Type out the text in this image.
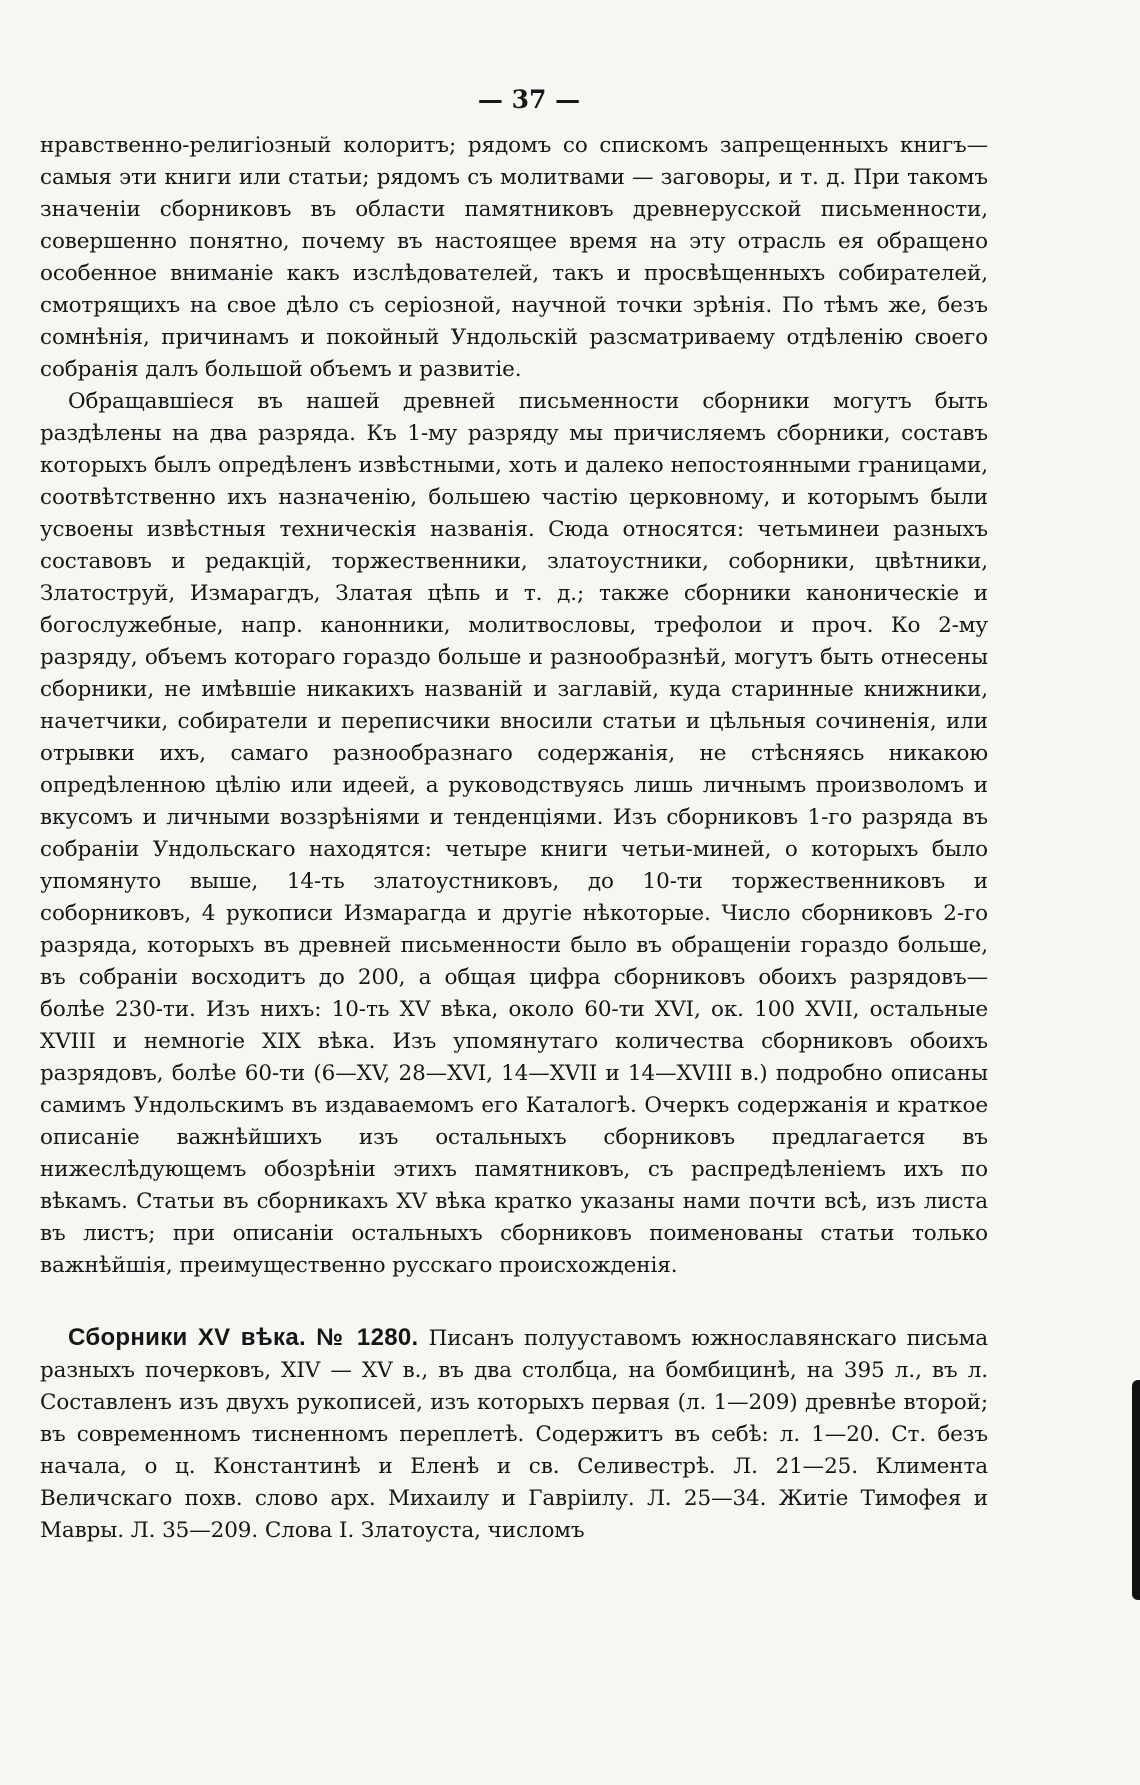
— 37 —

нравственно-религіозный колоритъ; рядомъ со спискомъ запрещенныхъ книгъ—самыя эти книги или статьи; рядомъ съ молитвами — заговоры, и т. д. При такомъ значеніи сборниковъ въ области памятниковъ древнерусской письменности, совершенно понятно, почему въ настоящее время на эту отрасль ея обращено особенное вниманіе какъ изслѣдователей, такъ и просвѣщенныхъ собирателей, смотрящихъ на свое дѣло съ серіозной, научной точки зрѣнія. По тѣмъ же, безъ сомнѣнія, причинамъ и покойный Ундольскій разсматриваему отдѣленію своего собранія далъ большой объемъ и развитіе.

Обращавшіеся въ нашей древней письменности сборники могутъ быть раздѣлены на два разряда. Къ 1-му разряду мы причисляемъ сборники, составъ которыхъ былъ опредѣленъ извѣстными, хоть и далеко непостоянными границами, соотвѣтственно ихъ назначенію, большею частію церковному, и которымъ были усвоены извѣстныя техническія названія. Сюда относятся: четьминеи разныхъ составовъ и редакцій, торжественники, златоустники, соборники, цвѣтники, Златоструй, Измарагдъ, Златая цѣпь и т. д.; также сборники каноническіе и богослужебные, напр. канонники, молитвословы, трефолои и проч. Ко 2-му разряду, объемъ котораго гораздо больше и разнообразнѣй, могутъ быть отнесены сборники, не имѣвшіе никакихъ названій и заглавій, куда старинные книжники, начетчики, собиратели и переписчики вносили статьи и цѣльныя сочиненія, или отрывки ихъ, самаго разнообразнаго содержанія, не стѣсняясь никакою опредѣленною цѣлію или идеей, а руководствуясь лишь личнымъ произволомъ и вкусомъ и личными воззрѣніями и тенденціями. Изъ сборниковъ 1-го разряда въ собраніи Ундольскаго находятся: четыре книги четьи-миней, о которыхъ было упомянуто выше, 14-ть златоустниковъ, до 10-ти торжественниковъ и соборниковъ, 4 рукописи Измарагда и другіе нѣкоторые. Число сборниковъ 2-го разряда, которыхъ въ древней письменности было въ обращеніи гораздо больше, въ собраніи восходитъ до 200, а общая цифра сборниковъ обоихъ разрядовъ—болѣе 230-ти. Изъ нихъ: 10-ть XV вѣка, около 60-ти XVI, ок. 100 XVII, остальные XVIII и немногіе XIX вѣка. Изъ упомянутаго количества сборниковъ обоихъ разрядовъ, болѣе 60-ти (6—XV, 28—XVI, 14—XVII и 14—XVIII в.) подробно описаны самимъ Ундольскимъ въ издаваемомъ его Каталогѣ. Очеркъ содержанія и краткое описаніе важнѣйшихъ изъ остальныхъ сборниковъ предлагается въ нижеслѣдующемъ обозрѣніи этихъ памятниковъ, съ распредѣленіемъ ихъ по вѣкамъ. Статьи въ сборникахъ XV вѣка кратко указаны нами почти всѣ, изъ листа въ листъ; при описаніи остальныхъ сборниковъ поименованы статьи только важнѣйшія, преимущественно русскаго происхожденія.

Сборники XV вѣка. № 1280. Писанъ полууставомъ южнославянскаго письма разныхъ почерковъ, XIV — XV в., въ два столбца, на бомбицинѣ, на 395 л., въ л. Составленъ изъ двухъ рукописей, изъ которыхъ первая (л. 1—209) древнѣе второй; въ современномъ тисненномъ переплетѣ. Содержитъ въ себѣ: л. 1—20. Ст. безъ начала, о ц. Константинѣ и Еленѣ и св. Селивестрѣ. Л. 21—25. Климента Величскаго похв. слово арх. Михаилу и Гавріилу. Л. 25—34. Житіе Тимофея и Мавры. Л. 35—209. Слова І. Златоуста, числомъ
